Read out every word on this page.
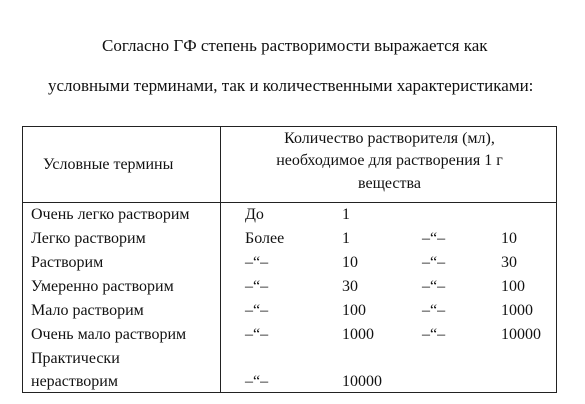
Согласно ГФ степень растворимости выражается как
условными терминами, так и количественными характеристиками:
Условные термины
Количество растворителя (мл),
необходимое для растворения 1 г
вещества
Очень легко растворим	До	1
Легко растворим	Более	1	–“–	10
Растворим	–“–	10	–“–	30
Умеренно растворим	–“–	30	–“–	100
Мало растворим	–“–	100	–“–	1000
Очень мало растворим	–“–	1000	–“–	10000
Практически
нерастворим	–“–	10000
